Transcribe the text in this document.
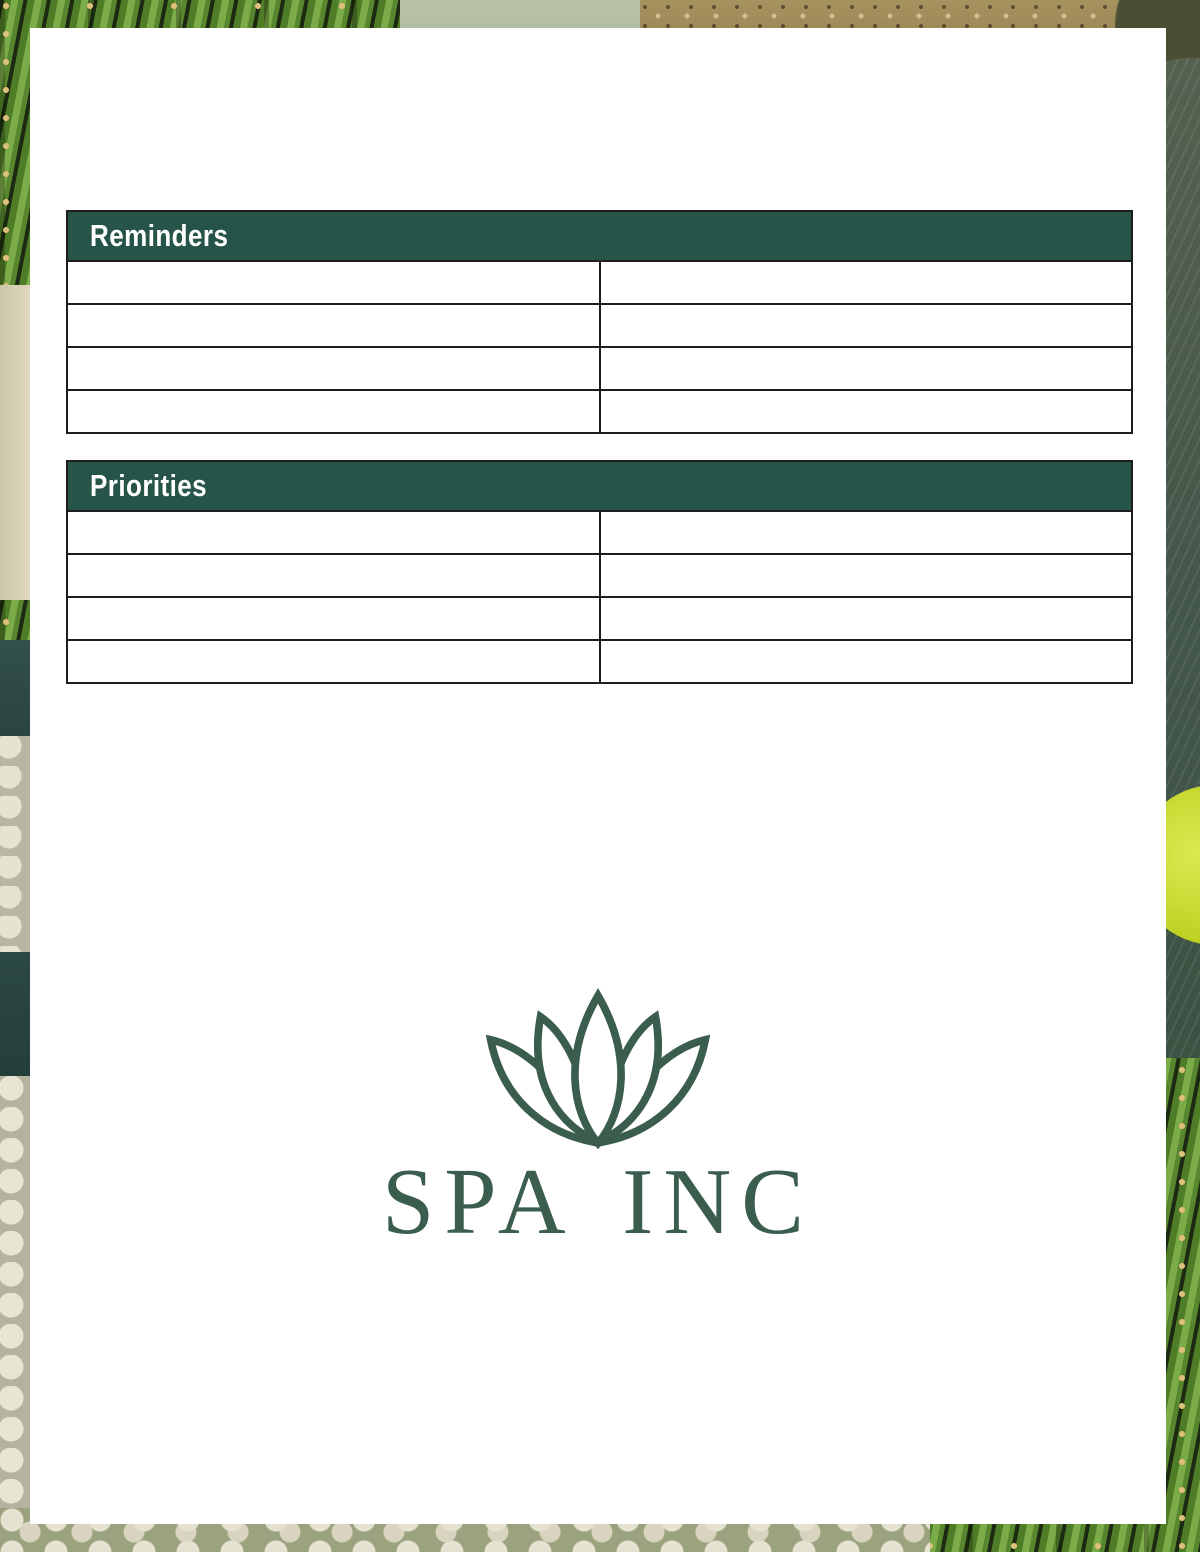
Reminders	

Priorities	

SPA INC
